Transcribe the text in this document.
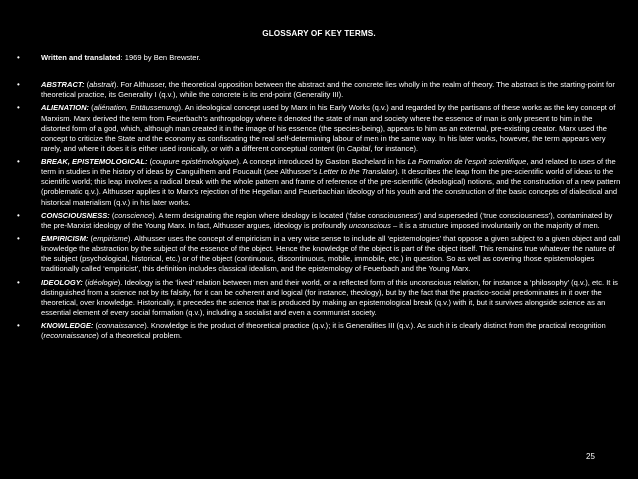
GLOSSARY OF KEY TERMS.
•	Written and translated: 1969 by Ben Brewster.
•	ABSTRACT: (abstrait). For Althusser, the theoretical opposition between the abstract and the concrete lies wholly in the realm of theory. The abstract is the starting-point for theoretical practice, its Generality I (q.v.), while the concrete is its end-point (Generality III).
•	ALIENATION: (aliénation, Entäussenung). An ideological concept used by Marx in his Early Works (q.v.) and regarded by the partisans of these works as the key concept of Marxism. Marx derived the term from Feuerbach’s anthropology where it denoted the state of man and society where the essence of man is only present to him in the distorted form of a god, which, although man created it in the image of his essence (the species-being), appears to him as an external, pre-existing creator. Marx used the concept to criticize the State and the economy as confiscating the real self-determining labour of men in the same way. In his later works, however, the term appears very rarely, and where it does it is either used ironically, or with a different conceptual content (in Capital, for instance).
•	BREAK, EPISTEMOLOGICAL: (coupure epistémologique). A concept introduced by Gaston Bachelard in his La Formation de l’esprit scientifique, and related to uses of the term in studies in the history of ideas by Canguilhem and Foucault (see Althusser’s Letter to the Translator). It describes the leap from the pre-scientific world of ideas to the scientific world; this leap involves a radical break with the whole pattern and frame of reference of the pre-scientific (ideological) notions, and the construction of a new pattern (problematic q.v.). Althusser applies it to Marx’s rejection of the Hegelian and Feuerbachian ideology of his youth and the construction of the basic concepts of dialectical and historical materialism (q.v.) in his later works.
•	CONSCIOUSNESS: (conscience). A term designating the region where ideology is located (‘false consciousness’) and superseded (‘true consciousness’), contaminated by the pre-Marxist ideology of the Young Marx. In fact, Althusser argues, ideology is profoundly unconscious – it is a structure imposed involuntarily on the majority of men.
•	EMPIRICISM: (empirisme). Althusser uses the concept of empiricism in a very wise sense to include all ‘epistemologies’ that oppose a given subject to a given object and call knowledge the abstraction by the subject of the essence of the object. Hence the knowledge of the object is part of the object itself. This remains true whatever the nature of the subject (psychological, historical, etc.) or of the object (continuous, discontinuous, mobile, immobile, etc.) in question. So as well as covering those epistemologies traditionally called ‘empiricist’, this definition includes classical idealism, and the epistemology of Feuerbach and the Young Marx.
•	IDEOLOGY: (idéologie). Ideology is the ‘lived’ relation between men and their world, or a reflected form of this unconscious relation, for instance a ‘philosophy’ (q.v.), etc. It is distinguished from a science not by its falsity, for it can be coherent and logical (for instance, theology), but by the fact that the practico-social predominates in it over the theoretical, over knowledge. Historically, it precedes the science that is produced by making an epistemological break (q.v.) with it, but it survives alongside science as an essential element of every social formation (q.v.), including a socialist and even a communist society.
•	KNOWLEDGE: (connaissance). Knowledge is the product of theoretical practice (q.v.); it is Generalities III (q.v.). As such it is clearly distinct from the practical recognition (reconnaissance) of a theoretical problem.
25
